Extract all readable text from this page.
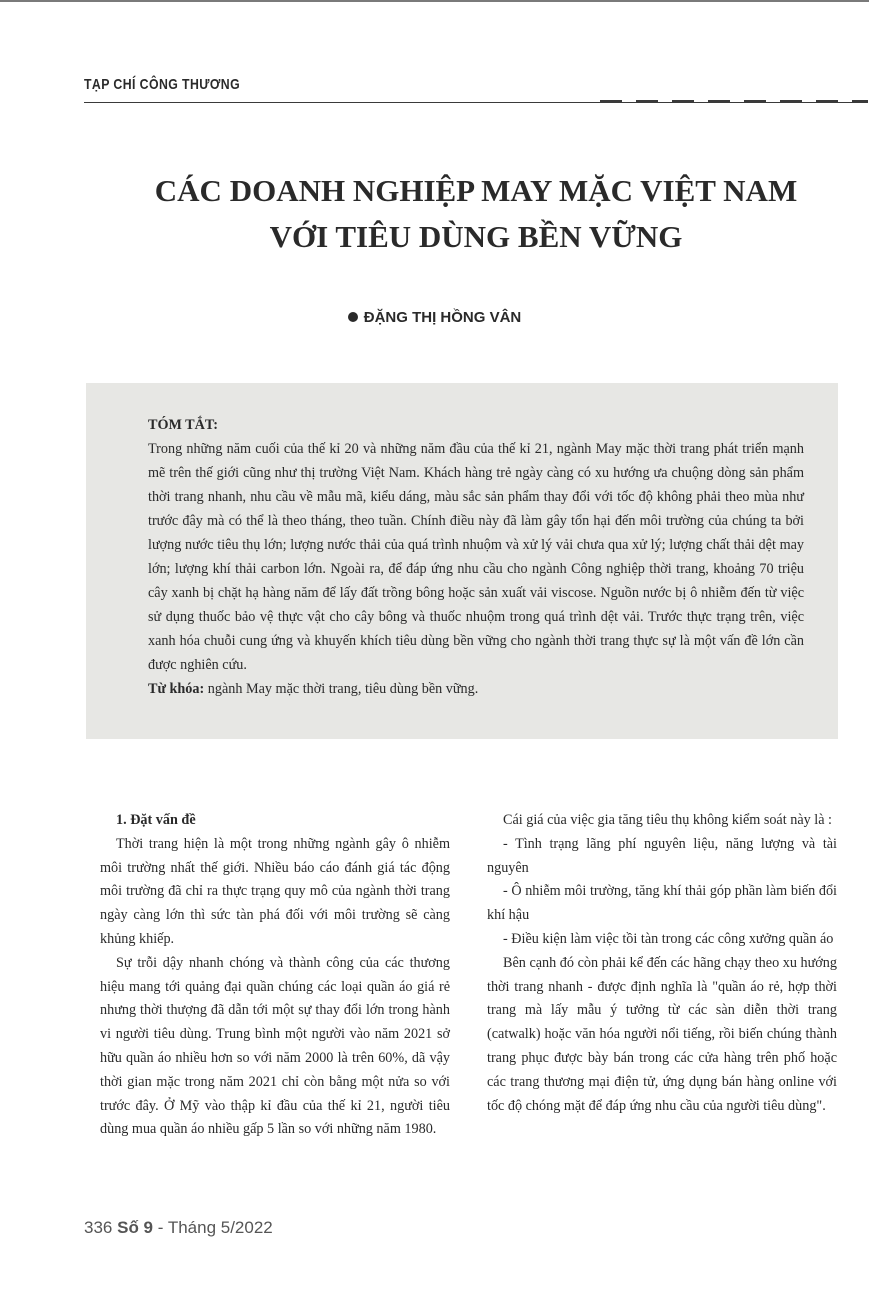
TẠP CHÍ CÔNG THƯƠNG
CÁC DOANH NGHIỆP MAY MẶC VIỆT NAM
VỚI TIÊU DÙNG BỀN VỮNG
ĐẶNG THỊ HỒNG VÂN
TÓM TẮT:

Trong những năm cuối của thế kỉ 20 và những năm đầu của thế kỉ 21, ngành May mặc thời trang phát triển mạnh mẽ trên thế giới cũng như thị trường Việt Nam. Khách hàng trẻ ngày càng có xu hướng ưa chuộng dòng sản phẩm thời trang nhanh, nhu cầu về mẫu mã, kiểu dáng, màu sắc sản phẩm thay đổi với tốc độ không phải theo mùa như trước đây mà có thể là theo tháng, theo tuần. Chính điều này đã làm gây tổn hại đến môi trường của chúng ta bởi lượng nước tiêu thụ lớn; lượng nước thải của quá trình nhuộm và xử lý vải chưa qua xử lý; lượng chất thải dệt may lớn; lượng khí thải carbon lớn. Ngoài ra, để đáp ứng nhu cầu cho ngành Công nghiệp thời trang, khoảng 70 triệu cây xanh bị chặt hạ hàng năm để lấy đất trồng bông hoặc sản xuất vải viscose. Nguồn nước bị ô nhiễm đến từ việc sử dụng thuốc bảo vệ thực vật cho cây bông và thuốc nhuộm trong quá trình dệt vải. Trước thực trạng trên, việc xanh hóa chuỗi cung ứng và khuyến khích tiêu dùng bền vững cho ngành thời trang thực sự là một vấn đề lớn cần được nghiên cứu.

Từ khóa: ngành May mặc thời trang, tiêu dùng bền vững.

1. Đặt vấn đề

Thời trang hiện là một trong những ngành gây ô nhiễm môi trường nhất thế giới. Nhiều báo cáo đánh giá tác động môi trường đã chỉ ra thực trạng quy mô của ngành thời trang ngày càng lớn thì sức tàn phá đối với môi trường sẽ càng khủng khiếp.

Sự trỗi dậy nhanh chóng và thành công của các thương hiệu mang tới quảng đại quần chúng các loại quần áo giá rẻ nhưng thời thượng đã dẫn tới một sự thay đổi lớn trong hành vi người tiêu dùng. Trung bình một người vào năm 2021 sở hữu quần áo nhiều hơn so với năm 2000 là trên 60%, dã vậy thời gian mặc trong năm 2021 chỉ còn bằng một nửa so với trước đây. Ở Mỹ vào thập kỉ đầu của thế kỉ 21, người tiêu dùng mua quần áo nhiều gấp 5 lần so với những năm 1980.

Cái giá của việc gia tăng tiêu thụ không kiểm soát này là :

- Tình trạng lãng phí nguyên liệu, năng lượng và tài nguyên

- Ô nhiễm môi trường, tăng khí thải góp phần làm biến đổi khí hậu

- Điều kiện làm việc tồi tàn trong các công xưởng quần áo

Bên cạnh đó còn phải kể đến các hãng chạy theo xu hướng thời trang nhanh - được định nghĩa là "quần áo rẻ, hợp thời trang mà lấy mẫu ý tưởng từ các sàn diễn thời trang (catwalk) hoặc văn hóa người nổi tiếng, rồi biến chúng thành trang phục được bày bán trong các cửa hàng trên phố hoặc các trang thương mại điện tử, ứng dụng bán hàng online với tốc độ chóng mặt để đáp ứng nhu cầu của người tiêu dùng".

336 Số 9 - Tháng 5/2022
